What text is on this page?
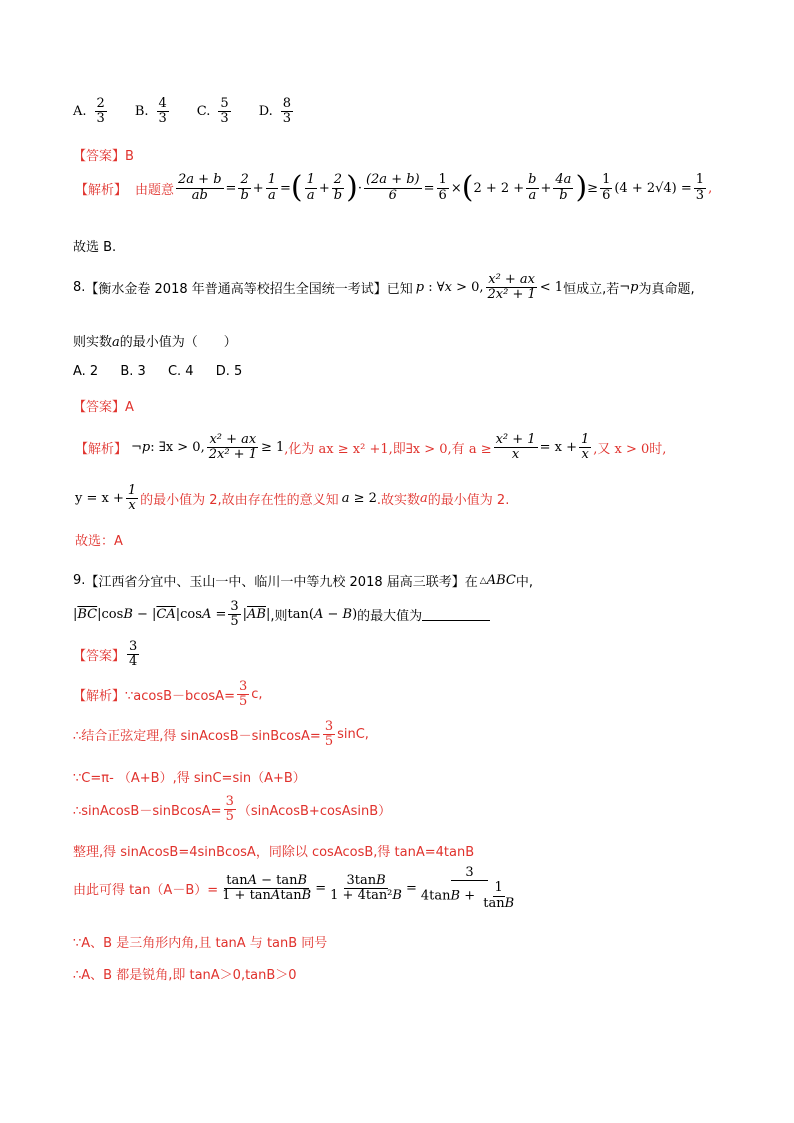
A. $\frac{2}{3} B$. $\frac{4}{3} C$. $\frac{5}{3} D$. $\frac{8}{3}$
【答案】B
【解析】 由题意 $\frac{2a + b}{ab} = \frac{2}{b} + \frac{1}{a}$ = ( $\frac{1}{a} + \frac{2}{b}$ ) · $\frac{(2a + b)}{6} = \frac{1}{6}$ × ( $2 + 2 + \frac{b}{a} + \frac{4a}{b}$ ) ≥ $\frac{1}{6} (4 + 2√4) = \frac{1}{3}$ ,
故选 B.
8. 【衡水金卷 2018 年普通高等校招生全国统一考试】 已知 p : ∀ x > 0, $\frac{\text{x² + ax}}{\text{2x² + 1}} < 1$ 恒成立,若 ¬ p 为真命题,
则实数a的最小值为（　　）
A. 2 B. 3 C. 4 D. 5
【答案】A
【解析】 ¬ p : ∃x > 0, $\frac{\text{x² + ax}}{\text{2x² + 1}} \ge 1$ ,化为 ax ≥ x² +1,即∃x > 0,有 $a \ge \frac{\text{x² + 1}}{x} = x + \frac{1}{x}$ ,又 x > 0时,
$y = x + \frac{1}{x}$ 的最小值为 2,故由存在性的意义知 a ≥ 2 .故实数 a 的最小值为 2.
故选：A
9. 【江西省分宜中、玉山一中、临川一中等九校 2018 届高三联考】 在 △ ABC 中,
| $\overline{BC}$ | cos B − | $\overline{CA}$ |cos $A = \frac{3}{5}$ | $\overline{AB}$ | ,则 tan( A − B ) 的最大值为
【答案】 $\frac{3}{4}$
【解析】 ∵acosB－bcosA= $\frac{3}{5} c$,
∴结合正弦定理,得 sinAcosB－sinBcosA= $\frac{3}{5} \sin C$,
∵C=π- （A+B）,得 sinC=sin（A+B）
∴sinAcosB－sinBcosA= $\frac{3}{5}$ （sinAcosB+cosAsinB）
整理,得 sinAcosB=4sinBcosA，同除以 cosAcosB,得 tanA=4tanB
由此可得 $\tan(A-B)= \frac{\tan A - \tan B}{\text{1 + tanAtanB}} = \frac{3\tan B}{\text{1 + 4tan²B}} = \frac{3}{4\tan B + \frac{1}{\tan B}}$
∵A、B 是三角形内角,且 tanA 与 tanB 同号
∴A、B 都是锐角,即 tanA＞0,tanB＞0
